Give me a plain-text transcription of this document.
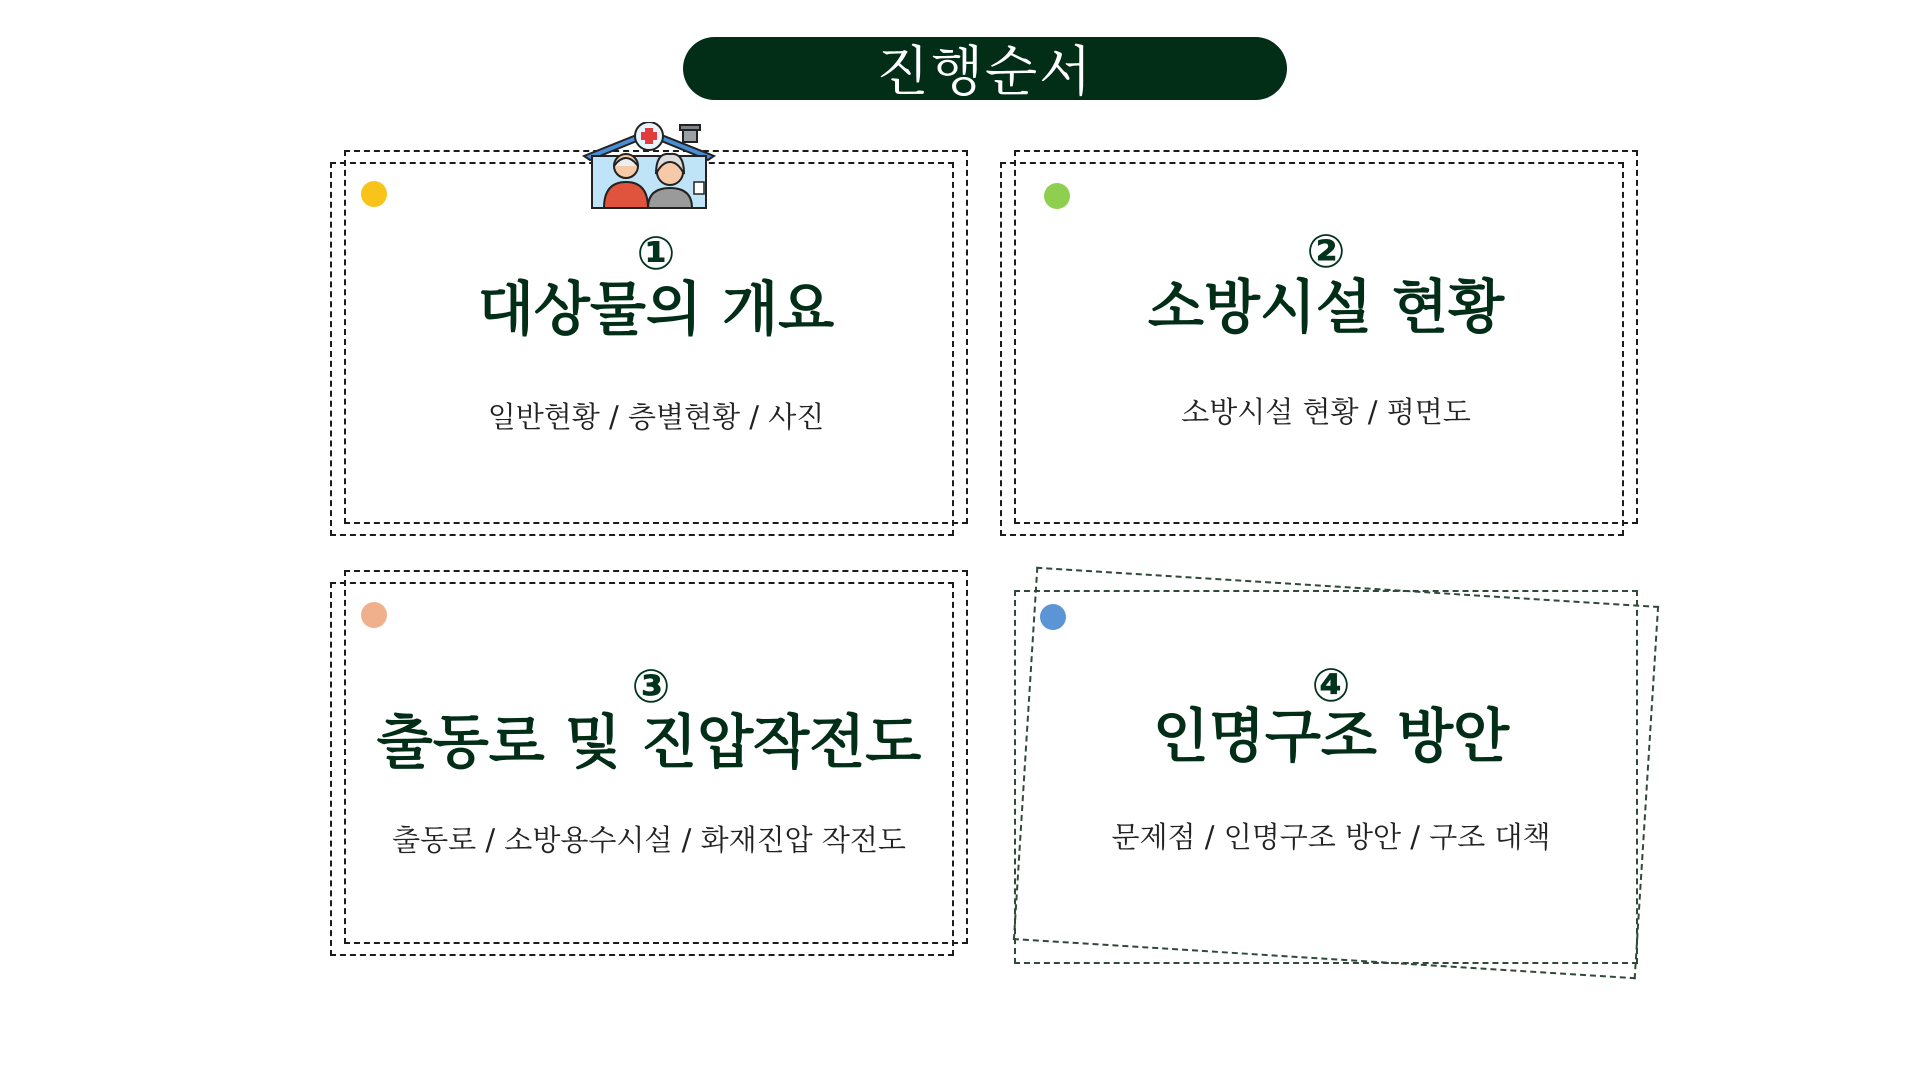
진행순서
①
대상물의 개요
일반현황 / 층별현황 / 사진
②
소방시설 현황
소방시설 현황 / 평면도
③
출동로 및 진압작전도
출동로 / 소방용수시설 / 화재진압 작전도
④
인명구조 방안
문제점 / 인명구조 방안 / 구조 대책
